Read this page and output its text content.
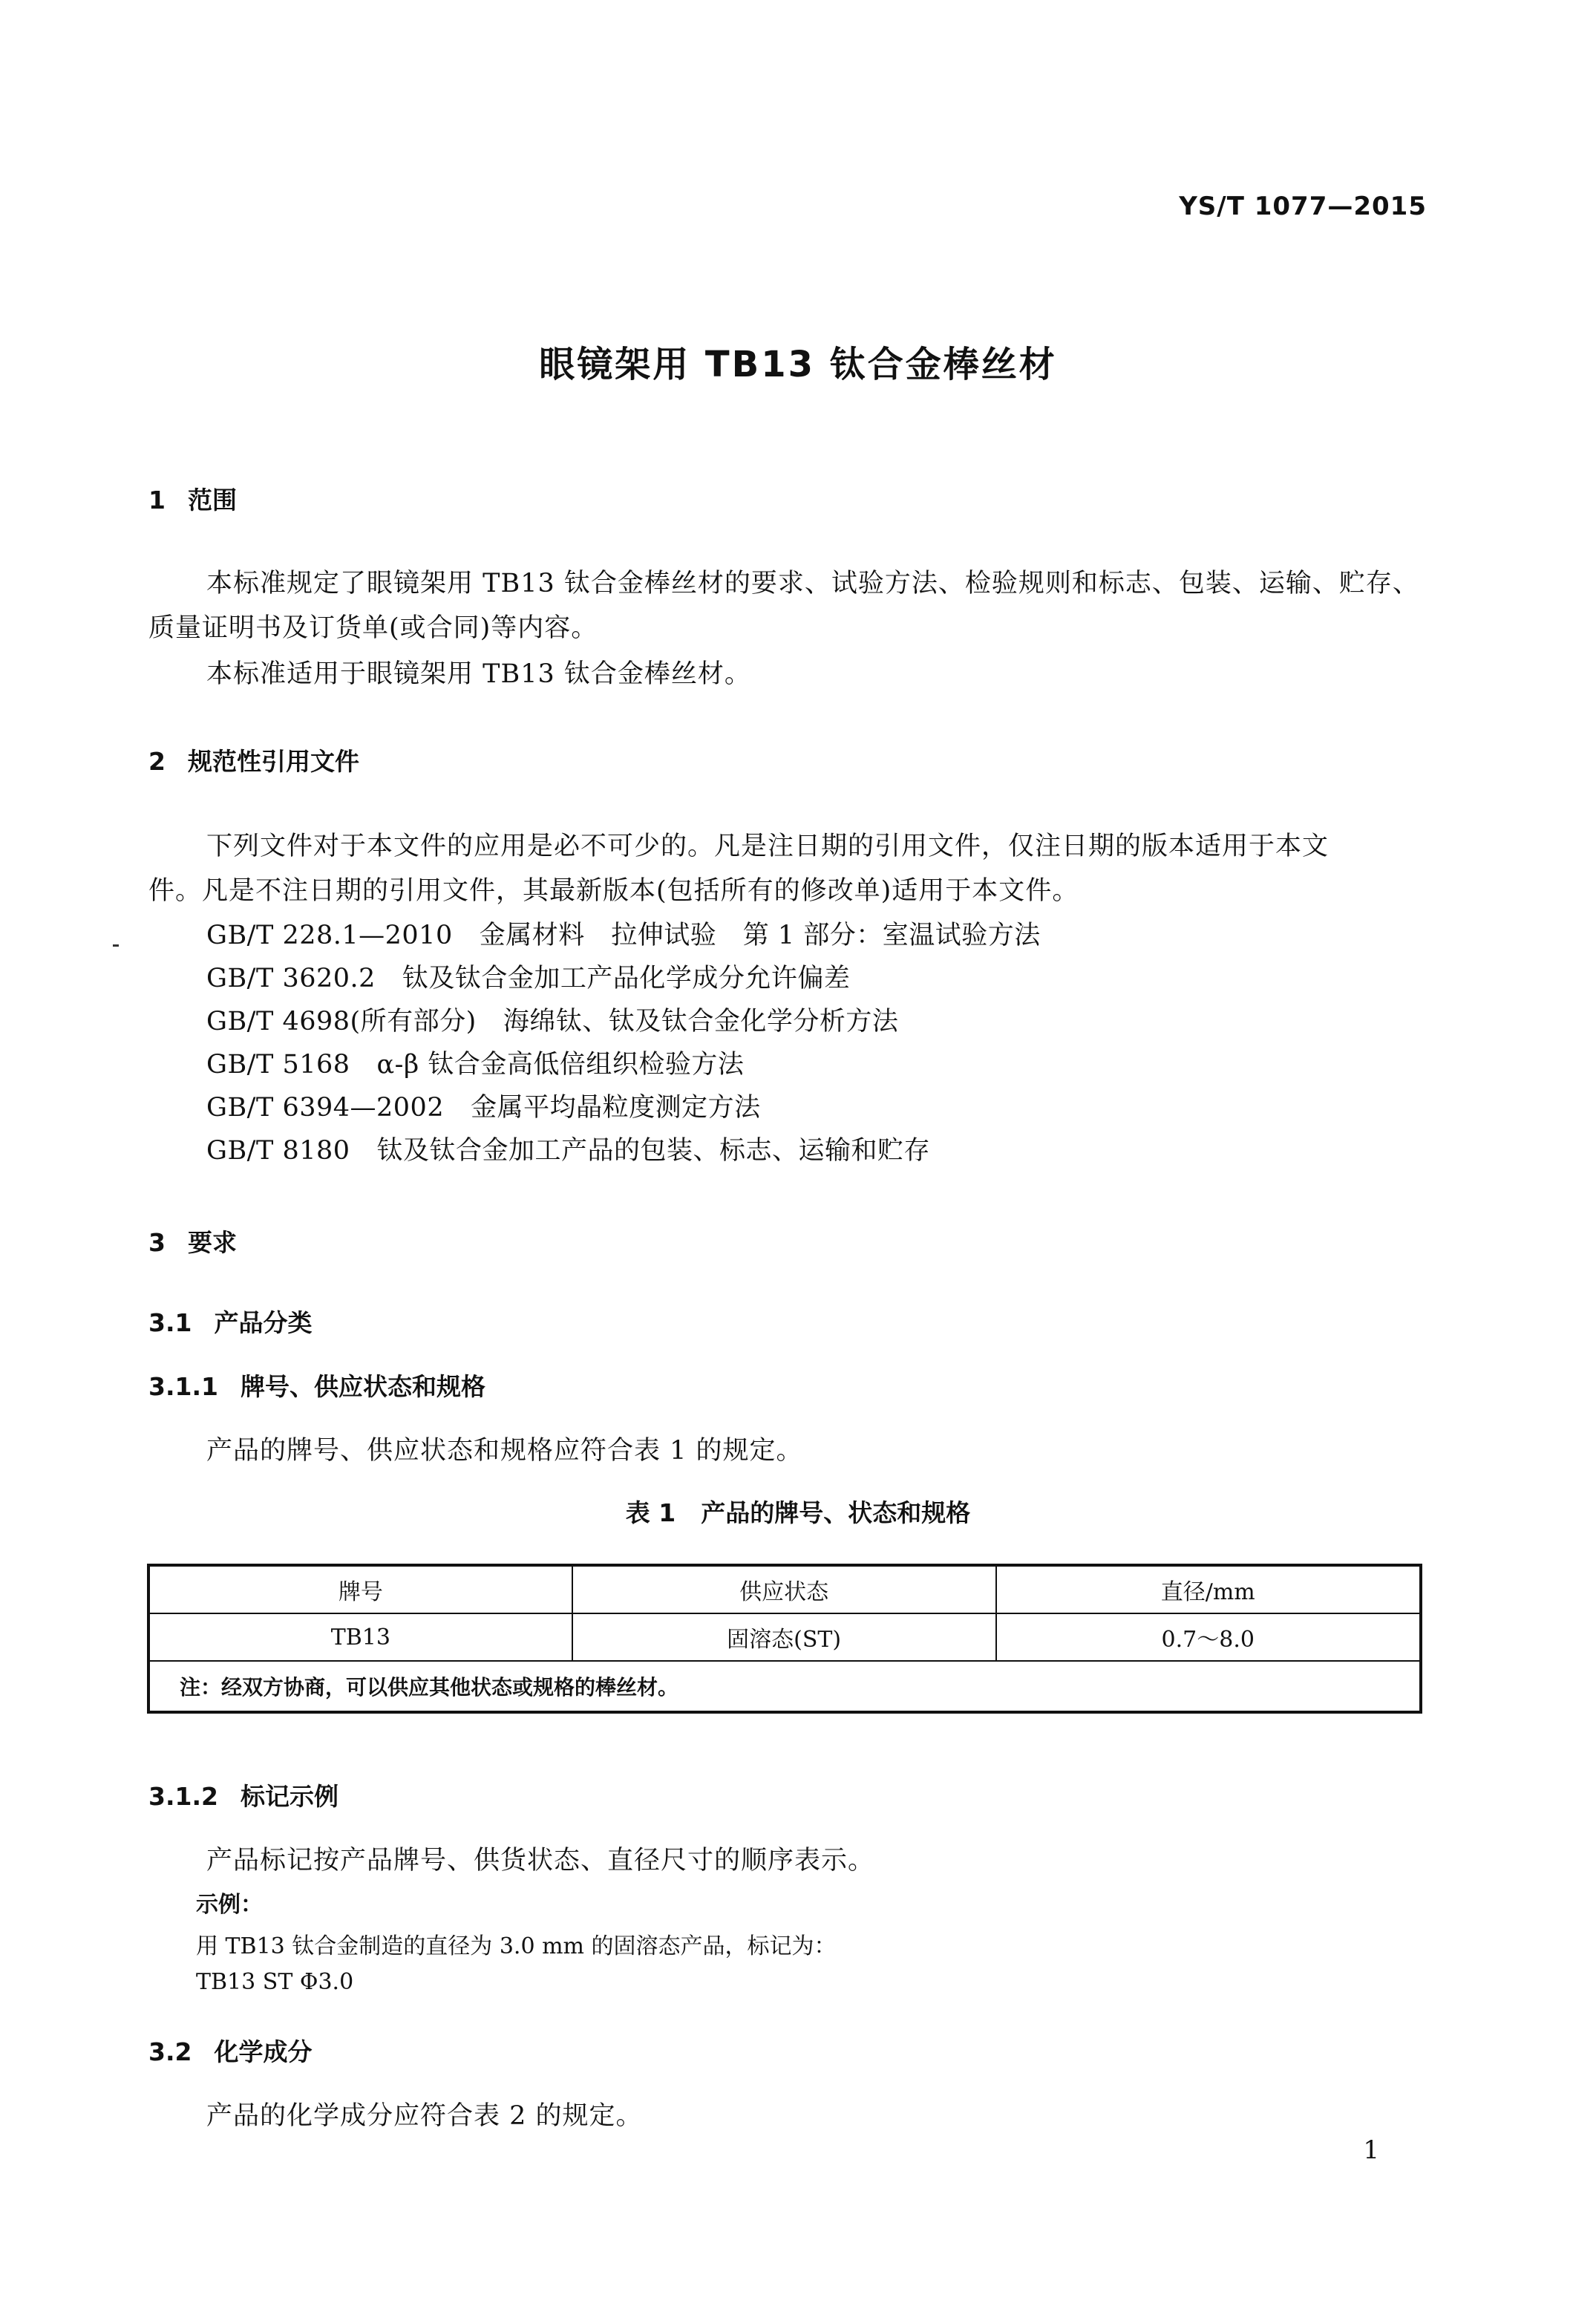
YS/T 1077—2015
眼镜架用 TB13 钛合金棒丝材
1 范围
本标准规定了眼镜架用 TB13 钛合金棒丝材的要求、试验方法、检验规则和标志、包装、运输、贮存、
质量证明书及订货单(或合同)等内容。
本标准适用于眼镜架用 TB13 钛合金棒丝材。
2 规范性引用文件
下列文件对于本文件的应用是必不可少的。凡是注日期的引用文件，仅注日期的版本适用于本文
件。凡是不注日期的引用文件，其最新版本(包括所有的修改单)适用于本文件。
GB/T 228.1—2010 金属材料　拉伸试验　第 1 部分：室温试验方法
GB/T 3620.2 钛及钛合金加工产品化学成分允许偏差
GB/T 4698(所有部分) 海绵钛、钛及钛合金化学分析方法
GB/T 5168 α-β 钛合金高低倍组织检验方法
GB/T 6394—2002 金属平均晶粒度测定方法
GB/T 8180 钛及钛合金加工产品的包装、标志、运输和贮存
3 要求
3.1 产品分类
3.1.1 牌号、供应状态和规格
产品的牌号、供应状态和规格应符合表 1 的规定。
表 1 产品的牌号、状态和规格
牌号	供应状态	直径/mm
TB13	固溶态(ST)	0.7～8.0
注：经双方协商，可以供应其他状态或规格的棒丝材。		
3.1.2 标记示例
产品标记按产品牌号、供货状态、直径尺寸的顺序表示。
示例：
用 TB13 钛合金制造的直径为 3.0 mm 的固溶态产品，标记为：
TB13 ST Φ3.0
3.2 化学成分
产品的化学成分应符合表 2 的规定。
1
